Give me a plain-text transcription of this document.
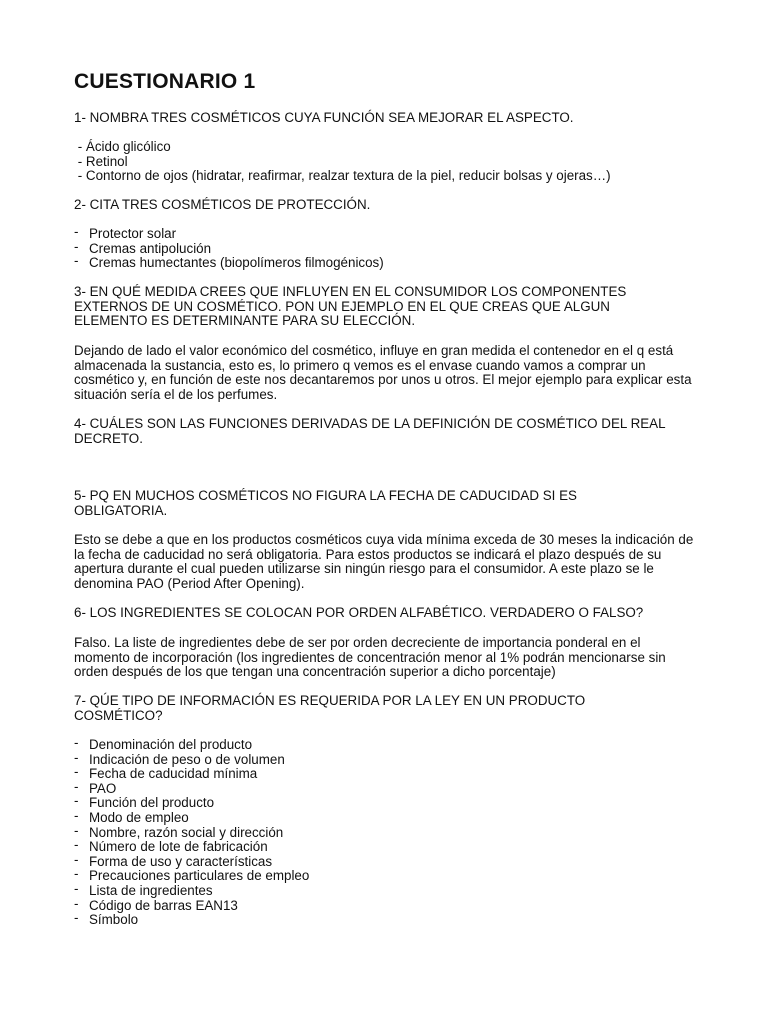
CUESTIONARIO 1

1- NOMBRA TRES COSMÉTICOS CUYA FUNCIÓN SEA MEJORAR EL ASPECTO.

- Ácido glicólico
- Retinol
- Contorno de ojos (hidratar, reafirmar, realzar textura de la piel, reducir bolsas y ojeras…)

2- CITA TRES COSMÉTICOS DE PROTECCIÓN.

- Protector solar
- Cremas antipolución
- Cremas humectantes (biopolímeros filmogénicos)

3- EN QUÉ MEDIDA CREES QUE INFLUYEN EN EL CONSUMIDOR LOS COMPONENTES EXTERNOS DE UN COSMÉTICO. PON UN EJEMPLO EN EL QUE CREAS QUE ALGUN ELEMENTO ES DETERMINANTE PARA SU ELECCIÓN.

Dejando de lado el valor económico del cosmético, influye en gran medida el contenedor en el q está almacenada la sustancia, esto es, lo primero q vemos es el envase cuando vamos a comprar un cosmético y, en función de este nos decantaremos por unos u otros. El mejor ejemplo para explicar esta situación sería el de los perfumes.

4- CUÁLES SON LAS FUNCIONES DERIVADAS DE LA DEFINICIÓN DE COSMÉTICO DEL REAL DECRETO.

5- PQ EN MUCHOS COSMÉTICOS NO FIGURA LA FECHA DE CADUCIDAD SI ES OBLIGATORIA.

Esto se debe a que en los productos cosméticos cuya vida mínima exceda de 30 meses la indicación de la fecha de caducidad no será obligatoria. Para estos productos se indicará el plazo después de su apertura durante el cual pueden utilizarse sin ningún riesgo para el consumidor. A este plazo se le denomina PAO (Period After Opening).

6- LOS INGREDIENTES SE COLOCAN POR ORDEN ALFABÉTICO. VERDADERO O FALSO?

Falso. La liste de ingredientes debe de ser por orden decreciente de importancia ponderal en el momento de incorporación (los ingredientes de concentración menor al 1% podrán mencionarse sin orden después de los que tengan una concentración superior a dicho porcentaje)

7- QÚE TIPO DE INFORMACIÓN ES REQUERIDA POR LA LEY EN UN PRODUCTO COSMÉTICO?

- Denominación del producto
- Indicación de peso o de volumen
- Fecha de caducidad mínima
- PAO
- Función del producto
- Modo de empleo
- Nombre, razón social y dirección
- Número de lote de fabricación
- Forma de uso y características
- Precauciones particulares de empleo
- Lista de ingredientes
- Código de barras EAN13
- Símbolo
